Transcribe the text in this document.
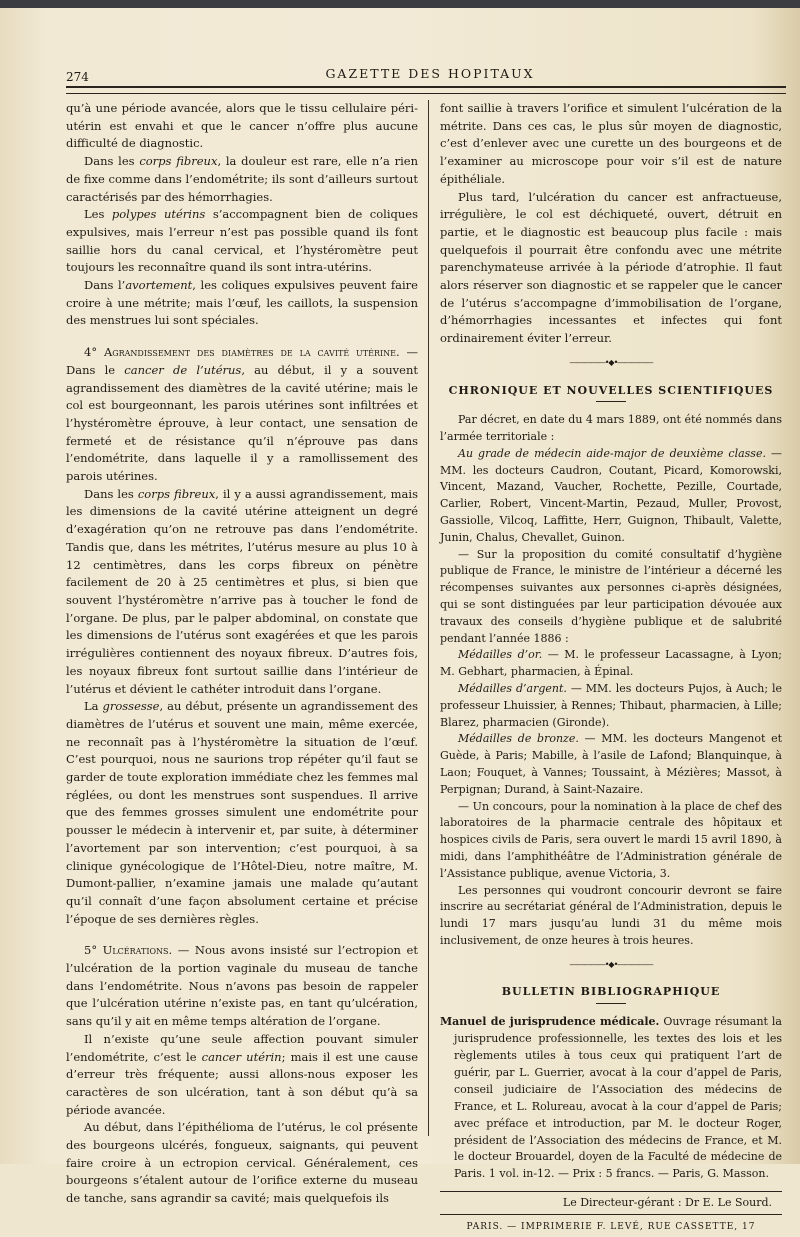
274	GAZETTE DES HOPITAUX

qu’à une période avancée, alors que le tissu cellulaire péri-utérin est envahi et que le cancer n’offre plus aucune difficulté de diagnostic.

Dans les corps fibreux, la douleur est rare, elle n’a rien de fixe comme dans l’endométrite; ils sont d’ailleurs surtout caractérisés par des hémorrhagies.

Les polypes utérins s’accompagnent bien de coliques expulsives, mais l’erreur n’est pas possible quand ils font saillie hors du canal cervical, et l’hystéromètre peut toujours les reconnaître quand ils sont intra-utérins.

Dans l’avortement, les coliques expulsives peuvent faire croire à une métrite; mais l’œuf, les caillots, la suspension des menstrues lui sont spéciales.

4° Agrandissement des diamètres de la cavité utérine. — Dans le cancer de l’utérus, au début, il y a souvent agrandissement des diamètres de la cavité utérine; mais le col est bourgeonnant, les parois utérines sont infiltrées et l’hystéromètre éprouve, à leur contact, une sensation de fermeté et de résistance qu’il n’éprouve pas dans l’endométrite, dans laquelle il y a ramollissement des parois utérines.

Dans les corps fibreux, il y a aussi agrandissement, mais les dimensions de la cavité utérine atteignent un degré d’exagération qu’on ne retrouve pas dans l’endométrite. Tandis que, dans les métrites, l’utérus mesure au plus 10 à 12 centimètres, dans les corps fibreux on pénètre facilement de 20 à 25 centimètres et plus, si bien que souvent l’hystéromètre n’arrive pas à toucher le fond de l’organe. De plus, par le palper abdominal, on constate que les dimensions de l’utérus sont exagérées et que les parois irrégulières contiennent des noyaux fibreux. D’autres fois, les noyaux fibreux font surtout saillie dans l’intérieur de l’utérus et dévient le cathéter introduit dans l’organe.

La grossesse, au début, présente un agrandissement des diamètres de l’utérus et souvent une main, même exercée, ne reconnaît pas à l’hystéromètre la situation de l’œuf. C’est pourquoi, nous ne saurions trop répéter qu’il faut se garder de toute exploration immédiate chez les femmes mal réglées, ou dont les menstrues sont suspendues. Il arrive que des femmes grosses simulent une endométrite pour pousser le médecin à intervenir et, par suite, à déterminer l’avortement par son intervention; c’est pourquoi, à sa clinique gynécologique de l’Hôtel-Dieu, notre maître, M. Dumont-pallier, n’examine jamais une malade qu’autant qu’il connaît d’une façon absolument certaine et précise l’époque de ses dernières règles.

5° Ulcérations. — Nous avons insisté sur l’ectropion et l’ulcération de la portion vaginale du museau de tanche dans l’endométrite. Nous n’avons pas besoin de rappeler que l’ulcération utérine n’existe pas, en tant qu’ulcération, sans qu’il y ait en même temps altération de l’organe.

Il n’existe qu’une seule affection pouvant simuler l’endométrite, c’est le cancer utérin; mais il est une cause d’erreur très fréquente; aussi allons-nous exposer les caractères de son ulcération, tant à son début qu’à sa période avancée.

Au début, dans l’épithélioma de l’utérus, le col présente des bourgeons ulcérés, fongueux, saignants, qui peuvent faire croire à un ectropion cervical. Généralement, ces bourgeons s’étalent autour de l’orifice externe du museau de tanche, sans agrandir sa cavité; mais quelquefois ils

font saillie à travers l’orifice et simulent l’ulcération de la métrite. Dans ces cas, le plus sûr moyen de diagnostic, c’est d’enlever avec une curette un des bourgeons et de l’examiner au microscope pour voir s’il est de nature épithéliale.

Plus tard, l’ulcération du cancer est anfractueuse, irrégulière, le col est déchiqueté, ouvert, détruit en partie, et le diagnostic est beaucoup plus facile : mais quelquefois il pourrait être confondu avec une métrite parenchymateuse arrivée à la période d’atrophie. Il faut alors réserver son diagnostic et se rappeler que le cancer de l’utérus s’accompagne d’immobilisation de l’organe, d’hémorrhagies incessantes et infectes qui font ordinairement éviter l’erreur.

―――――•◆•―――――
CHRONIQUE ET NOUVELLES SCIENTIFIQUES

Par décret, en date du 4 mars 1889, ont été nommés dans l’armée territoriale :

Au grade de médecin aide-major de deuxième classe. — MM. les docteurs Caudron, Coutant, Picard, Komorowski, Vincent, Mazand, Vaucher, Rochette, Pezille, Courtade, Carlier, Robert, Vincent-Martin, Pezaud, Muller, Provost, Gassiolle, Vilcoq, Laffitte, Herr, Guignon, Thibault, Valette, Junin, Chalus, Chevallet, Guinon.

— Sur la proposition du comité consultatif d’hygiène publique de France, le ministre de l’intérieur a décerné les récompenses suivantes aux personnes ci-après désignées, qui se sont distinguées par leur participation dévouée aux travaux des conseils d’hygiène publique et de salubrité pendant l’année 1886 :

Médailles d’or. — M. le professeur Lacassagne, à Lyon; M. Gebhart, pharmacien, à Épinal.

Médailles d’argent. — MM. les docteurs Pujos, à Auch; le professeur Lhuissier, à Rennes; Thibaut, pharmacien, à Lille; Blarez, pharmacien (Gironde).

Médailles de bronze. — MM. les docteurs Mangenot et Guède, à Paris; Mabille, à l’asile de Lafond; Blanquinque, à Laon; Fouquet, à Vannes; Toussaint, à Mézières; Massot, à Perpignan; Durand, à Saint-Nazaire.

— Un concours, pour la nomination à la place de chef des laboratoires de la pharmacie centrale des hôpitaux et hospices civils de Paris, sera ouvert le mardi 15 avril 1890, à midi, dans l’amphithéâtre de l’Administration générale de l’Assistance publique, avenue Victoria, 3.

Les personnes qui voudront concourir devront se faire inscrire au secrétariat général de l’Administration, depuis le lundi 17 mars jusqu’au lundi 31 du même mois inclusivement, de onze heures à trois heures.

―――――•◆•―――――
BULLETIN BIBLIOGRAPHIQUE

Manuel de jurisprudence médicale. Ouvrage résumant la jurisprudence professionnelle, les textes des lois et les règlements utiles à tous ceux qui pratiquent l’art de guérir, par L. Guerrier, avocat à la cour d’appel de Paris, conseil judiciaire de l’Association des médecins de France, et L. Rolureau, avocat à la cour d’appel de Paris; avec préface et introduction, par M. le docteur Roger, président de l’Association des médecins de France, et M. le docteur Brouardel, doyen de la Faculté de médecine de Paris. 1 vol. in-12. — Prix : 5 francs. — Paris, G. Masson.

Le Directeur-gérant : Dr E. Le Sourd.
PARIS. — IMPRIMERIE F. LEVÉ, RUE CASSETTE, 17
